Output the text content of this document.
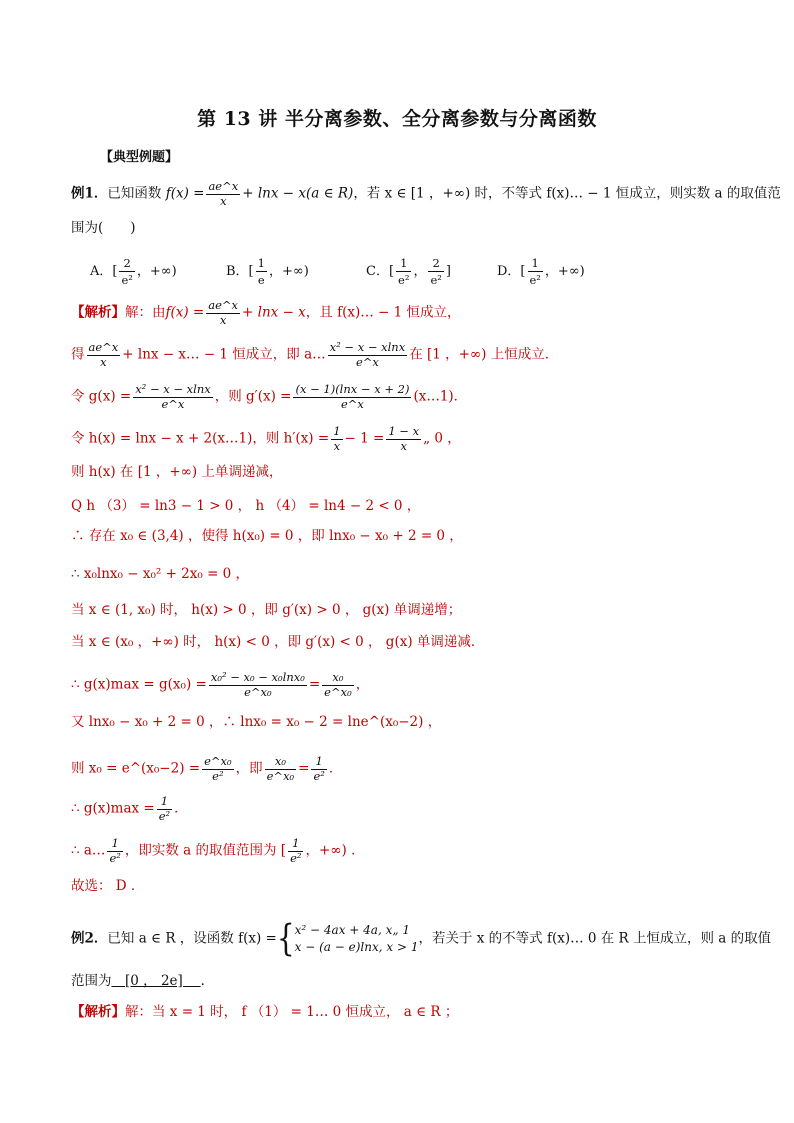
第 13 讲 半分离参数、全分离参数与分离函数
【典型例题】
例1．已知函数 $f(x) = \frac{ae\^{}x}{x} + \ln x - x(a$ ∈ R)，若 x ∈ [1 ，+∞) 时，不等式 f(x)… − 1 恒成立，则实数 a 的取值范
围为(　　)
A．[ $\frac{2}{\text{e²}}$ ，+∞)	B．[ $\frac{1}{e}$ ，+∞)	C．[ $\frac{1}{\text{e²}}$ ， $\frac{2}{\text{e²}}$ ]	D．[ $\frac{1}{\text{e²}}$ ，+∞)
【解析】解：由$f(x) = \frac{ae\^{}x}{x} + \ln x - x$，且 f(x)… − 1 恒成立，
得 $\frac{ae\^{}x}{x} + \ln x$ − x… − 1 恒成立，即 a… $\frac{\text{x² − x − xlnx}}{e\^{}x}$ 在 [1 ，+∞) 上恒成立．
令 $g(x) = \frac{\text{x² − x − xlnx}}{e\^{}x}$ ，则 $g'(x) = \frac{(x - 1)(\ln x - x + 2)}{e\^{}x}$ (x…1)．
令 h(x) = lnx − x + 2(x…1)，则 $h'(x) = \frac{1}{x} - 1 = \frac{1 - x}{x}$ „ 0 ，
则 h(x) 在 [1 ，+∞) 上单调递减，
Q h （3） = ln3 − 1 > 0 ， h （4） = ln4 − 2 < 0 ，
∴ 存在 x₀ ∈ (3,4) ，使得 h(x₀) = 0 ，即 lnx₀ − x₀ + 2 = 0 ，
∴ x₀lnx₀ − x₀² + 2x₀ = 0 ，
当 x ∈ (1, x₀) 时， h(x) > 0 ，即 g′(x) > 0 ， g(x) 单调递增；
当 x ∈ (x₀ ，+∞) 时， h(x) < 0 ，即 g′(x) < 0 ， g(x) 单调递减．
∴ $g(x)\max = g(x_0) = \frac{\text{x₀² − x₀ − x₀lnx₀}}{\text{e\textasciicircum{}x₀}} = \frac{\text{x₀}}{\text{e\textasciicircum{}x₀}}$ ，
又 lnx₀ − x₀ + 2 = 0 ，∴ lnx₀ = x₀ − 2 = lne^(x₀−2) ，
则 x₀ = e^(x₀−2) = $\frac{\text{e\textasciicircum{}x₀}}{\text{e²}}$ ，即 $\frac{\text{x₀}}{\text{e\textasciicircum{}x₀}} = \frac{1}{\text{e²}}$ ．
∴ $g(x)\max = \frac{1}{\text{e²}}$ ．
∴ a… $\frac{1}{\text{e²}}$ ，即实数 a 的取值范围为 [ $\frac{1}{\text{e²}}$ ，+∞) ．
故选： D ．
例2．已知 a ∈ R ，设函数 f(x) ={ x² − 4ax + 4a, x„ 1
x − (a − e)lnx, x > 1
，若关于 x 的不等式 f(x)… 0 在 R 上恒成立，则 a 的取值
范围为　[0 ， 2e] 　．
【解析】解：当 x = 1 时， f （1） = 1… 0 恒成立， a ∈ R ；
